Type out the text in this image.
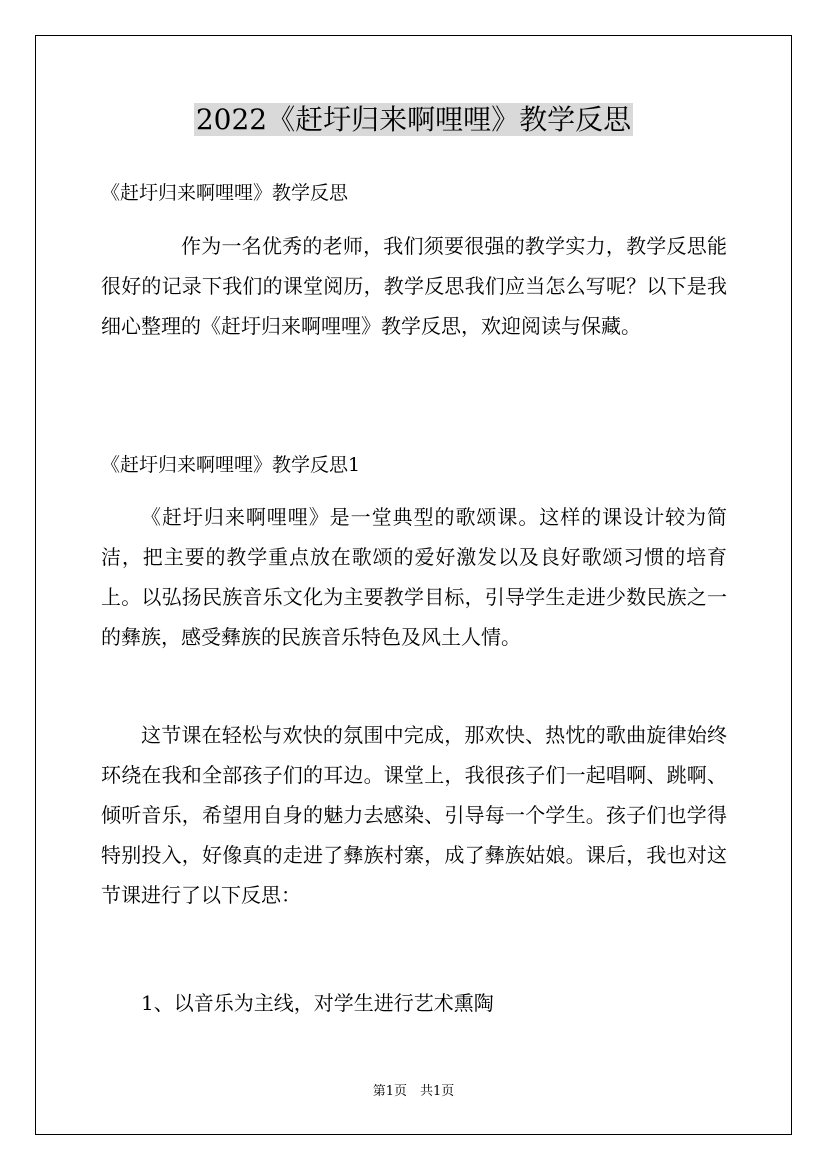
2022《赶圩归来啊哩哩》教学反思
《赶圩归来啊哩哩》教学反思

作为一名优秀的老师，我们须要很强的教学实力，教学反思能很好的记录下我们的课堂阅历，教学反思我们应当怎么写呢？以下是我细心整理的《赶圩归来啊哩哩》教学反思，欢迎阅读与保藏。

《赶圩归来啊哩哩》教学反思1

《赶圩归来啊哩哩》是一堂典型的歌颂课。这样的课设计较为简洁，把主要的教学重点放在歌颂的爱好激发以及良好歌颂习惯的培育上。以弘扬民族音乐文化为主要教学目标，引导学生走进少数民族之一的彝族，感受彝族的民族音乐特色及风土人情。

这节课在轻松与欢快的氛围中完成，那欢快、热忱的歌曲旋律始终环绕在我和全部孩子们的耳边。课堂上，我很孩子们一起唱啊、跳啊、倾听音乐，希望用自身的魅力去感染、引导每一个学生。孩子们也学得特别投入，好像真的走进了彝族村寨，成了彝族姑娘。课后，我也对这节课进行了以下反思：

1、以音乐为主线，对学生进行艺术熏陶

第1页　共1页
